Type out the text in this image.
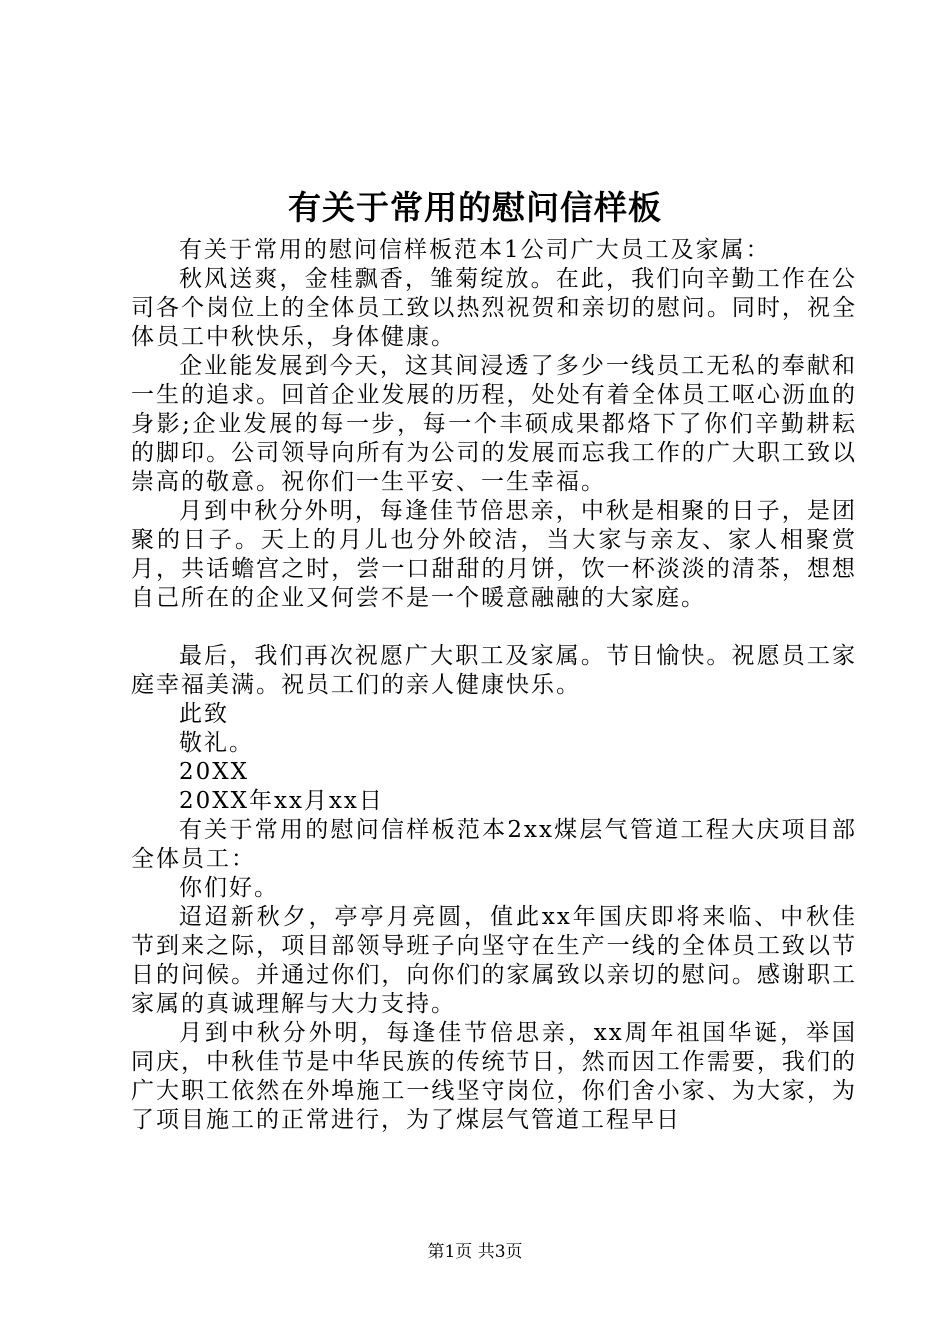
有关于常用的慰问信样板

有关于常用的慰问信样板范本1公司广大员工及家属：

秋风送爽，金桂飘香，雏菊绽放。在此，我们向辛勤工作在公司各个岗位上的全体员工致以热烈祝贺和亲切的慰问。同时，祝全体员工中秋快乐，身体健康。

企业能发展到今天，这其间浸透了多少一线员工无私的奉献和一生的追求。回首企业发展的历程，处处有着全体员工呕心沥血的身影;企业发展的每一步，每一个丰硕成果都烙下了你们辛勤耕耘的脚印。公司领导向所有为公司的发展而忘我工作的广大职工致以崇高的敬意。祝你们一生平安、一生幸福。

月到中秋分外明，每逢佳节倍思亲，中秋是相聚的日子，是团聚的日子。天上的月儿也分外皎洁，当大家与亲友、家人相聚赏月，共话蟾宫之时，尝一口甜甜的月饼，饮一杯淡淡的清茶，想想自己所在的企业又何尝不是一个暖意融融的大家庭。

最后，我们再次祝愿广大职工及家属。节日愉快。祝愿员工家庭幸福美满。祝员工们的亲人健康快乐。

此致

敬礼。

20XX

20XX年xx月xx日

有关于常用的慰问信样板范本2xx煤层气管道工程大庆项目部全体员工：

你们好。

迢迢新秋夕，亭亭月亮圆，值此xx年国庆即将来临、中秋佳节到来之际，项目部领导班子向坚守在生产一线的全体员工致以节日的问候。并通过你们，向你们的家属致以亲切的慰问。感谢职工家属的真诚理解与大力支持。

月到中秋分外明，每逢佳节倍思亲，xx周年祖国华诞，举国同庆，中秋佳节是中华民族的传统节日，然而因工作需要，我们的广大职工依然在外埠施工一线坚守岗位，你们舍小家、为大家，为了项目施工的正常进行，为了煤层气管道工程早日

第1页 共3页
